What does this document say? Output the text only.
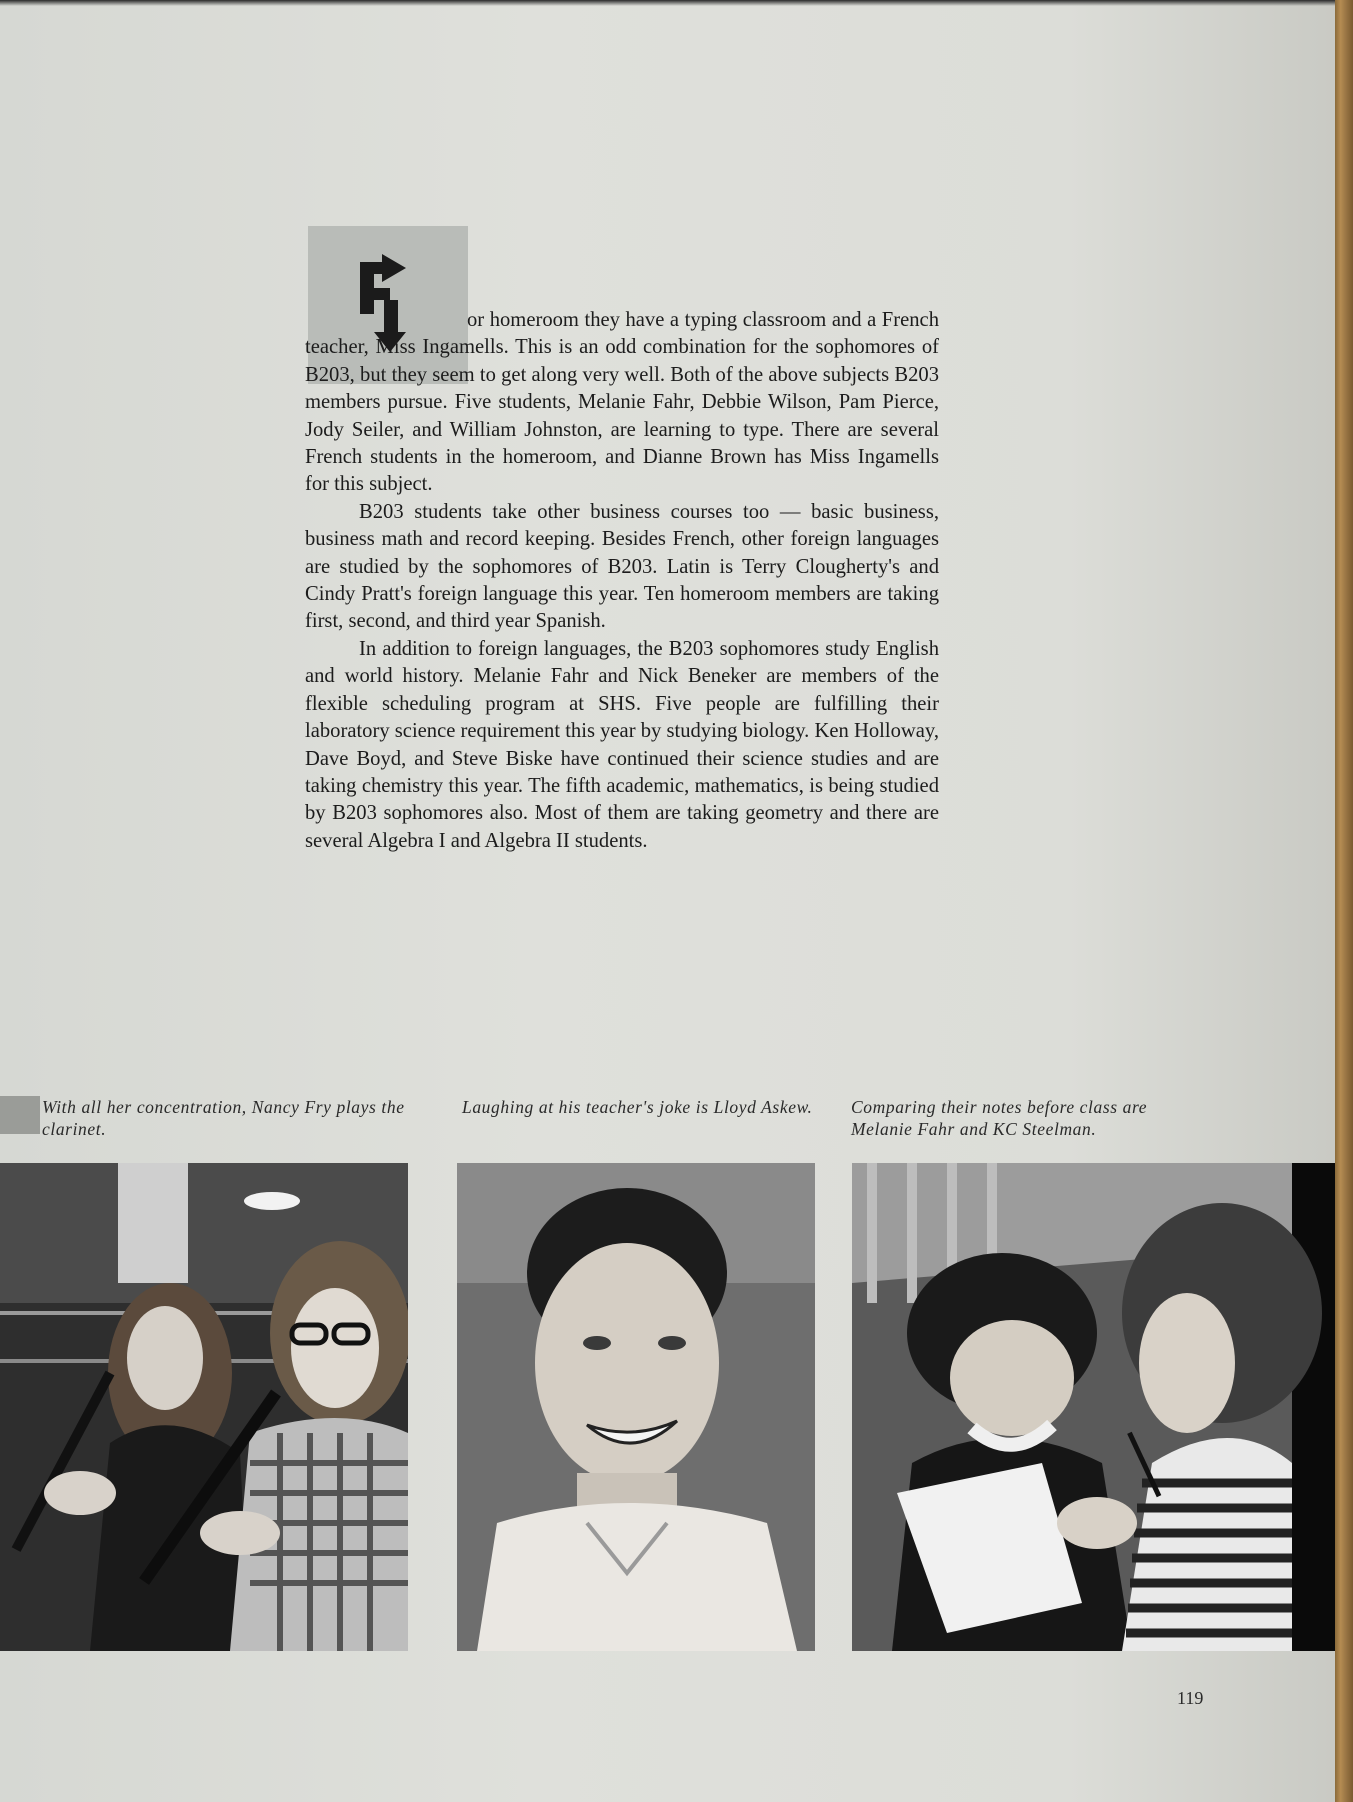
or homeroom they have a typing classroom and a French teacher, Miss Ingamells. This is an odd combination for the sophomores of B203, but they seem to get along very well. Both of the above subjects B203 members pursue. Five students, Melanie Fahr, Debbie Wilson, Pam Pierce, Jody Seiler, and William Johnston, are learning to type. There are several French students in the homeroom, and Dianne Brown has Miss Ingamells for this subject.

B203 students take other business courses too — basic business, business math and record keeping. Besides French, other foreign languages are studied by the sophomores of B203. Latin is Terry Clougherty's and Cindy Pratt's foreign language this year. Ten homeroom members are taking first, second, and third year Spanish.

In addition to foreign languages, the B203 sophomores study English and world history. Melanie Fahr and Nick Beneker are members of the flexible scheduling program at SHS. Five people are fulfilling their laboratory science requirement this year by studying biology. Ken Holloway, Dave Boyd, and Steve Biske have continued their science studies and are taking chemistry this year. The fifth academic, mathematics, is being studied by B203 sophomores also. Most of them are taking geometry and there are several Algebra I and Algebra II students.

With all her concentration, Nancy Fry plays the clarinet.
Laughing at his teacher's joke is Lloyd Askew.	Comparing their notes before class are Melanie Fahr and KC Steelman.
119
